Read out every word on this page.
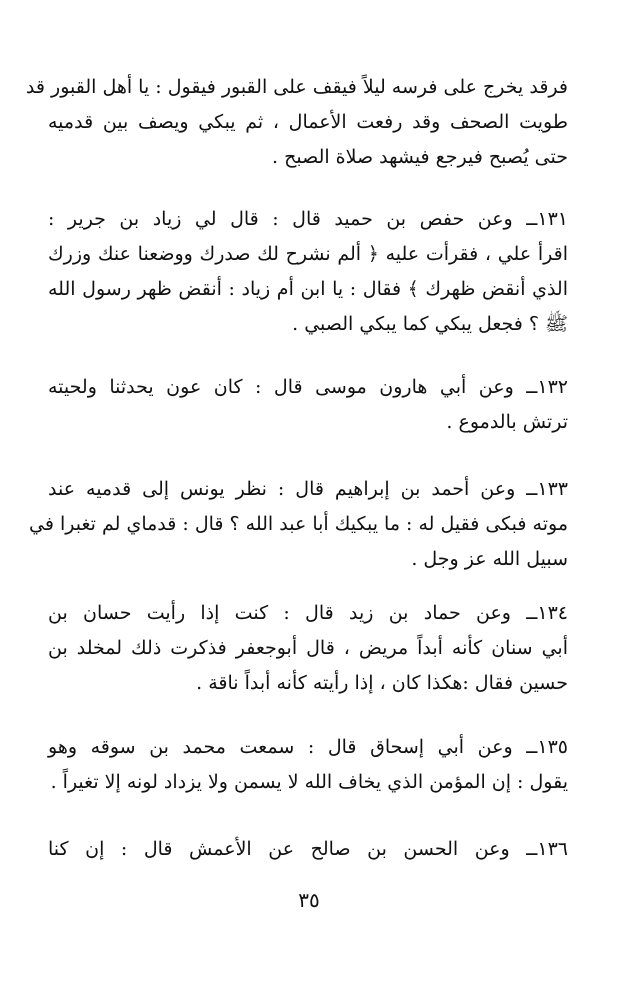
فرقد يخرج على فرسه ليلاً فيقف على القبور فيقول : يا أهل القبور قد
طويت الصحف وقد رفعت الأعمال ، ثم يبكي ويصف بين قدميه
حتى يُصبح فيرجع فيشهد صلاة الصبح .
١٣١ــ وعن حفص بن حميد قال : قال لي زياد بن جرير :
اقرأ علي ، فقرأت عليه ﴿ ألم نشرح لك صدرك ووضعنا عنك وزرك
الذي أنقض ظهرك ﴾ فقال : يا ابن أم زياد : أنقض ظهر رسول الله
ﷺ ؟ فجعل يبكي كما يبكي الصبي .
١٣٢ــ وعن أبي هارون موسى قال : كان عون يحدثنا ولحيته
ترتش بالدموع .
١٣٣ــ وعن أحمد بن إبراهيم قال : نظر يونس إلى قدميه عند
موته فبكى فقيل له : ما يبكيك أبا عبد الله ؟ قال : قدماي لم تغبرا في
سبيل الله عز وجل .
١٣٤ــ وعن حماد بن زيد قال : كنت إذا رأيت حسان بن
أبي سنان كأنه أبداً مريض ، قال أبوجعفر فذكرت ذلك لمخلد بن
حسين فقال :هكذا كان ، إذا رأيته كأنه أبداً ناقة .
١٣٥ــ وعن أبي إسحاق قال : سمعت محمد بن سوقه وهو
يقول : إن المؤمن الذي يخاف الله لا يسمن ولا يزداد لونه إلا تغيراً .
١٣٦ــ وعن الحسن بن صالح عن الأعمش قال : إن كنا
٣٥
